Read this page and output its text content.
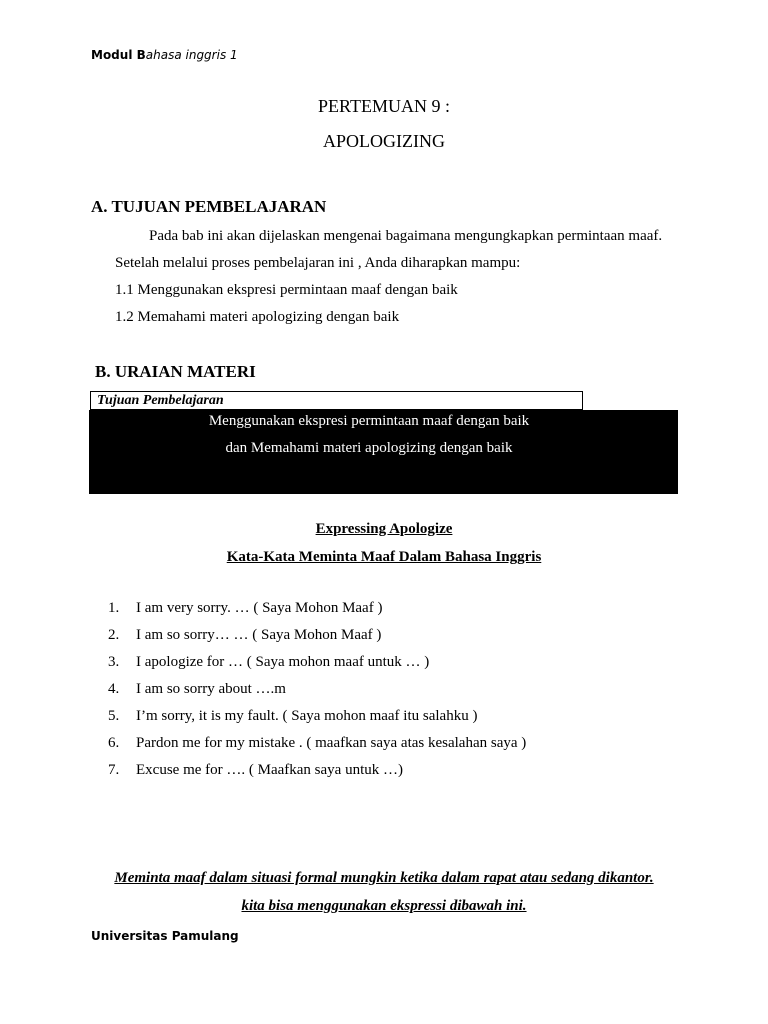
Modul Bahasa inggris 1
PERTEMUAN 9 :
APOLOGIZING
A. TUJUAN PEMBELAJARAN
Pada bab ini akan dijelaskan mengenai bagaimana mengungkapkan permintaan maaf.
Setelah melalui proses pembelajaran ini , Anda diharapkan mampu:
1.1 Menggunakan ekspresi permintaan maaf dengan baik
1.2 Memahami materi apologizing dengan baik
B. URAIAN MATERI
Tujuan Pembelajaran
Menggunakan ekspresi permintaan maaf dengan baik
dan Memahami materi apologizing dengan baik
Expressing Apologize
Kata-Kata Meminta Maaf Dalam Bahasa Inggris
1. I am very sorry. … ( Saya Mohon Maaf )
2. I am so sorry… … ( Saya Mohon Maaf )
3. I apologize for … ( Saya mohon maaf untuk … )
4. I am so sorry about ….m
5. I’m sorry, it is my fault. ( Saya mohon maaf itu salahku )
6. Pardon me for my mistake . ( maafkan saya atas kesalahan saya )
7. Excuse me for …. ( Maafkan saya untuk …)
Meminta maaf dalam situasi formal mungkin ketika dalam rapat atau sedang dikantor.
kita bisa menggunakan ekspressi dibawah ini.
Universitas Pamulang
